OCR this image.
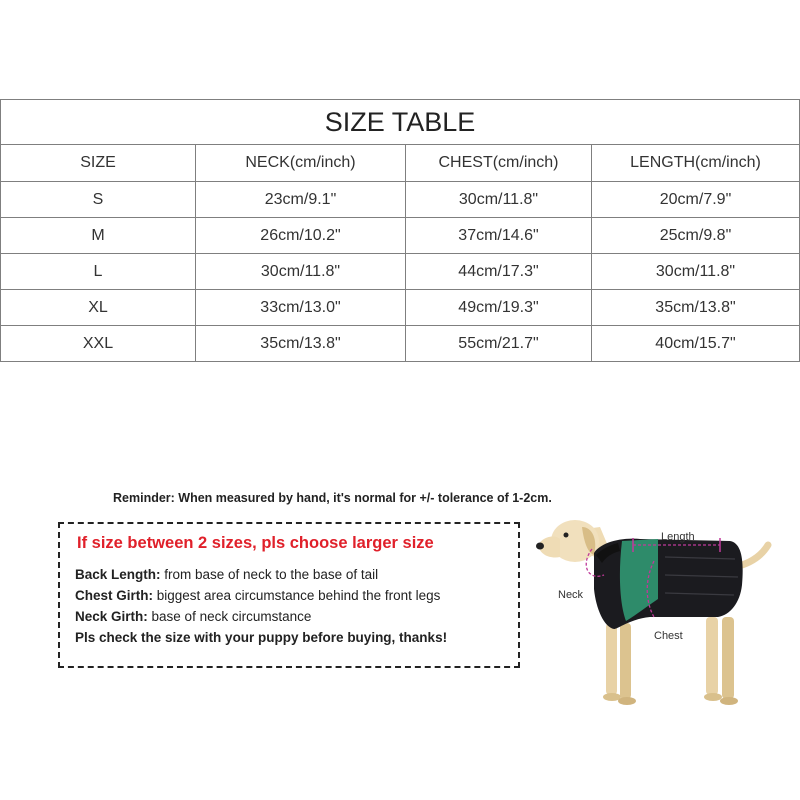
SIZE TABLE			
SIZE	NECK(cm/inch)	CHEST(cm/inch)	LENGTH(cm/inch)
S	23cm/9.1"	30cm/11.8"	20cm/7.9"
M	26cm/10.2"	37cm/14.6"	25cm/9.8"
L	30cm/11.8"	44cm/17.3"	30cm/11.8"
XL	33cm/13.0"	49cm/19.3"	35cm/13.8"
XXL	35cm/13.8"	55cm/21.7"	40cm/15.7"
Reminder: When measured by hand, it's normal for +/- tolerance of 1-2cm.
If size between 2 sizes, pls choose larger size
Back Length: from base of neck to the base of tail
Chest Girth: biggest area circumstance behind the front legs
Neck Girth: base of neck circumstance
Pls check the size with your puppy before buying, thanks!
Length
Neck
Chest
